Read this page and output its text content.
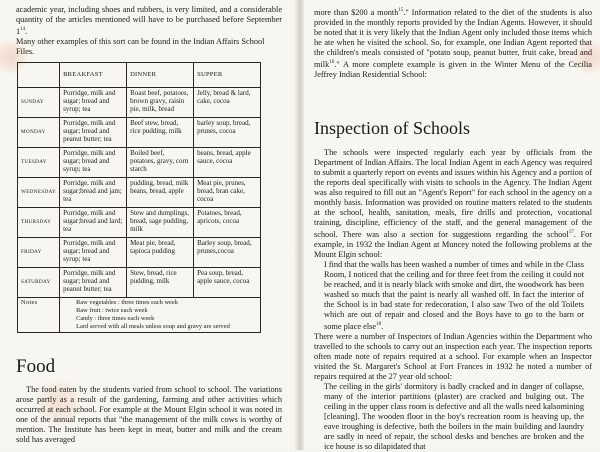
academic year, including shoes and rubbers, is very limited, and a considerable quantity of the articles mentioned will have to be purchased before September $1^{14}$.

Many other examples of this sort can be found in the Indian Affairs School Files.

	BREAKFAST	DINNER	SUPPER
SUNDAY	Porridge, milk and sugar; bread and syrup; tea	Roast beef, potatoes, brown gravy, raisin pie, milk, bread	Jelly, bread & lard, cake, cocoa
MONDAY	Porridge, milk and sugar; bread and peanut butter; tea	Beef stew, bread, rice pudding, milk	barley soup, bread, prunes, cocoa
TUESDAY	Porridge, milk and sugar; bread and syrup; tea	Boiled beef, potatoes, gravy, corn starch	beans, bread, apple sauce, cocoa
WEDNESDAY	Porridge, milk and sugar;bread and jam; tea	pudding, bread, milk beans, bread, apple	Meat pie, prunes, bread, bran cake, cocoa
THURSDAY	Porridge, milk and sugar;bread and lard; tea	Stew and dumplings, bread, sage pudding, milk	Potatoes, bread, apricots, cocoa
FRIDAY	Porridge, milk and sugar; bread and syrup; tea	Meat pie, bread, tapioca pudding	Barley soup, bread, prunes,cocoa
SATURDAY	Porridge, milk and sugar; bread and peanut butter; tea	Stew, bread, rice pudding, milk	Pea soup, bread, apple sauce, cocoa
Notes	Raw vegetables : three times each week
Raw fruit : twice each week
Candy : three times each week
Lard served with all meals unless soup and gravy are served		
Food

The food eaten by the students varied from school to school. The variations arose partly as a result of the gardening, farming and other activities which occurred at each school. For example at the Mount Elgin school it was noted in one of the annual reports that "the management of the milk cows is worthy of mention. The Institute has been kept in meat, butter and milk and the cream sold has averaged

more than $200 a month$^{15}$." Information related to the diet of the students is also provided in the monthly reports provided by the Indian Agents. However, it should be noted that it is very likely that the Indian Agent only included those items which he ate when he visited the school. So, for example, one Indian Agent reported that the children's meals consisted of "potato soup, peanut butter, fruit cake, bread and milk$^{16}$." A more complete example is given in the Winter Menu of the Cecilia Jeffrey Indian Residential School:

Inspection of Schools

The schools were inspected regularly each year by officials from the Department of Indian Affairs. The local Indian Agent in each Agency was required to submit a quarterly report on events and issues within his Agency and a portion of the reports deal specifically with visits to schools in the Agency. The Indian Agent was also required to fill out an "Agent's Report" for each school in the agency on a monthly basis. Information was provided on routine matters related to the students at the school, health, sanitation, meals, fire drills and protection, vocational training, discipline, efficiency of the staff, and the general management of the school. There was also a section for suggestions regarding the school$^{17}$. For example, in 1932 the Indian Agent at Muncey noted the following problems at the Mount Elgin school:

I find that the walls has been washed a number of times and while in the Class Room, I noticed that the ceiling and for three feet from the ceiling it could not be reached, and it is nearly black with smoke and dirt, the woodwork has been washed so much that the paint is nearly all washed off. In fact the interior of the School is in bad state for redecoration, I also saw Two of the old Toilets which are out of repair and closed and the Boys have to go to the barn or some place else$^{18}$.

There were a number of Inspectors of Indian Agencies within the Department who travelled to the schools to carry out an inspection each year. The inspection reports often made note of repairs required at a school. For example when an Inspector visited the St. Margaret's School at Fort Frances in 1932 he noted a number of repairs required at the 27 year old school:

The ceiling in the girls' dormitory is badly cracked and in danger of collapse, many of the interior partitions (plaster) are cracked and bulging out. The ceiling in the upper class room is defective and all the walls need kalsomining [cleaning]. The wooden floor in the boy's recreation room is heaving up, the eave troughing is defective, both the boilers in the main building and laundry are sadly in need of repair, the school desks and benches are broken and the ice house is so dilapidated that
